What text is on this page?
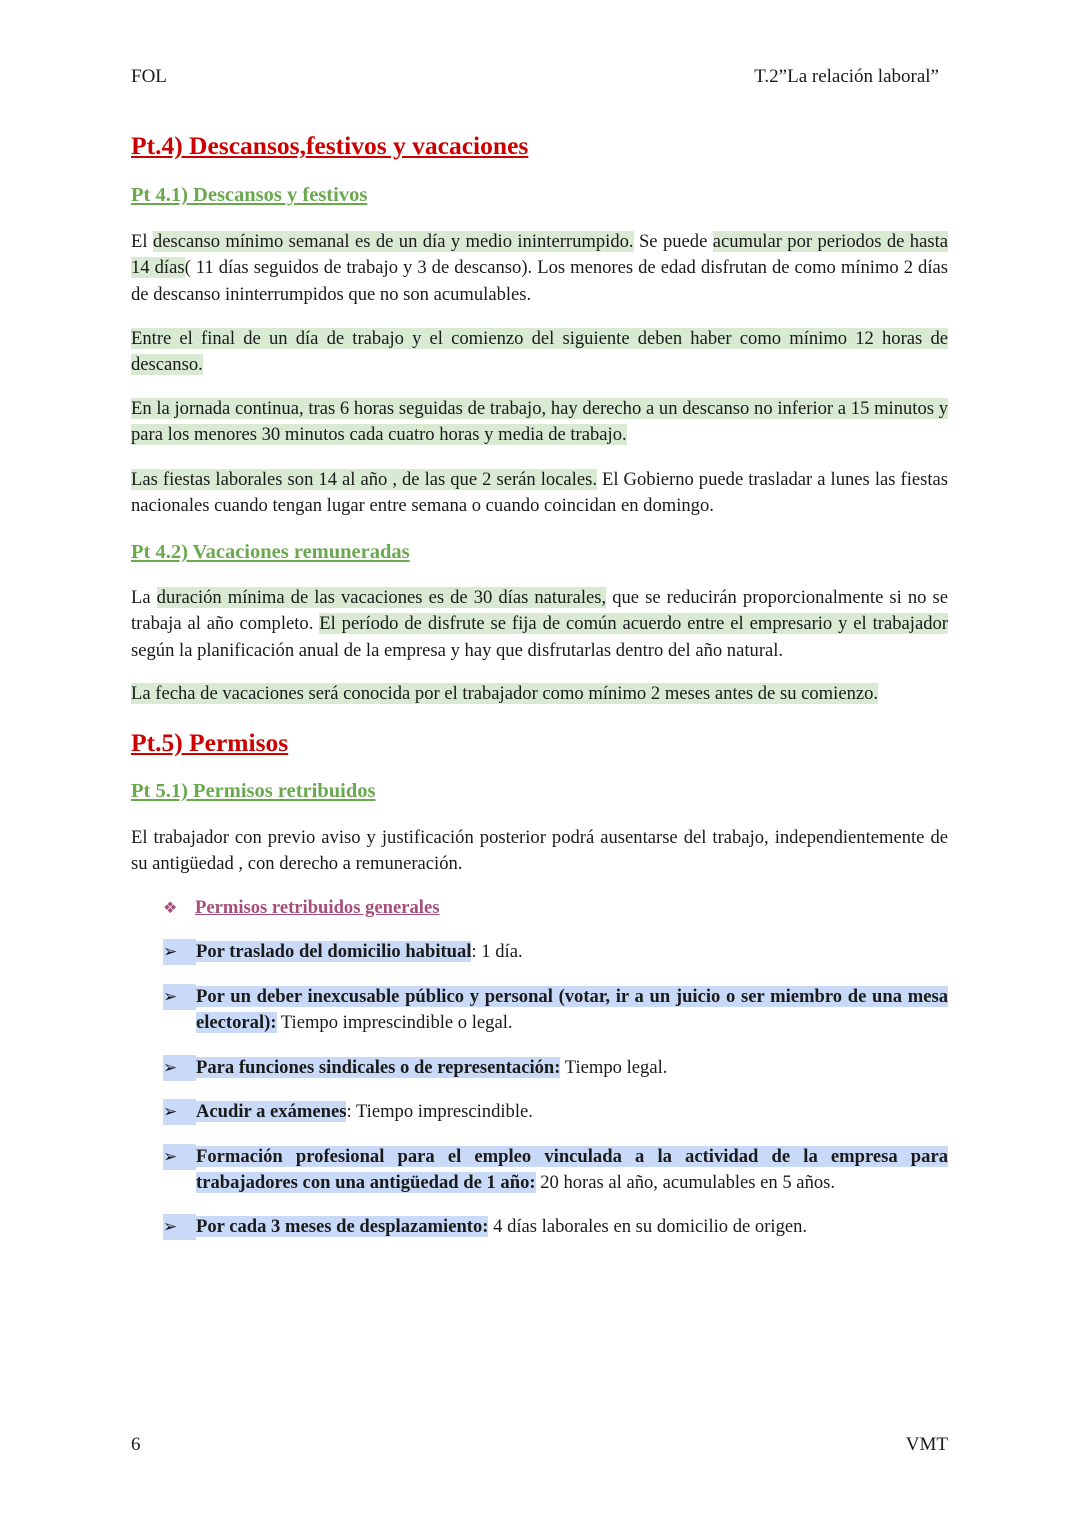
FOL	T.2”La relación laboral”
Pt.4) Descansos,festivos y vacaciones
Pt 4.1) Descansos y festivos

El descanso mínimo semanal es de un día y medio ininterrumpido. Se puede acumular por periodos de hasta 14 días( 11 días seguidos de trabajo y 3 de descanso). Los menores de edad disfrutan de como mínimo 2 días de descanso ininterrumpidos que no son acumulables.

Entre el final de un día de trabajo y el comienzo del siguiente deben haber como mínimo 12 horas de descanso.

En la jornada continua, tras 6 horas seguidas de trabajo, hay derecho a un descanso no inferior a 15 minutos y para los menores 30 minutos cada cuatro horas y media de trabajo.

Las fiestas laborales son 14 al año , de las que 2 serán locales. El Gobierno puede trasladar a lunes las fiestas nacionales cuando tengan lugar entre semana o cuando coincidan en domingo.

Pt 4.2) Vacaciones remuneradas

La duración mínima de las vacaciones es de 30 días naturales, que se reducirán proporcionalmente si no se trabaja al año completo. El período de disfrute se fija de común acuerdo entre el empresario y el trabajador según la planificación anual de la empresa y hay que disfrutarlas dentro del año natural.

La fecha de vacaciones será conocida por el trabajador como mínimo 2 meses antes de su comienzo.

Pt.5) Permisos
Pt 5.1) Permisos retribuidos

El trabajador con previo aviso y justificación posterior podrá ausentarse del trabajo, independientemente de su antigüedad , con derecho a remuneración.

❖ Permisos retribuidos generales

➢	Por traslado del domicilio habitual: 1 día.
➢	Por un deber inexcusable público y personal (votar, ir a un juicio o ser miembro de una mesa electoral): Tiempo imprescindible o legal.
➢	Para funciones sindicales o de representación: Tiempo legal.
➢	Acudir a exámenes: Tiempo imprescindible.
➢	Formación profesional para el empleo vinculada a la actividad de la empresa para trabajadores con una antigüedad de 1 año: 20 horas al año, acumulables en 5 años.
➢	Por cada 3 meses de desplazamiento: 4 días laborales en su domicilio de origen.
6	VMT
